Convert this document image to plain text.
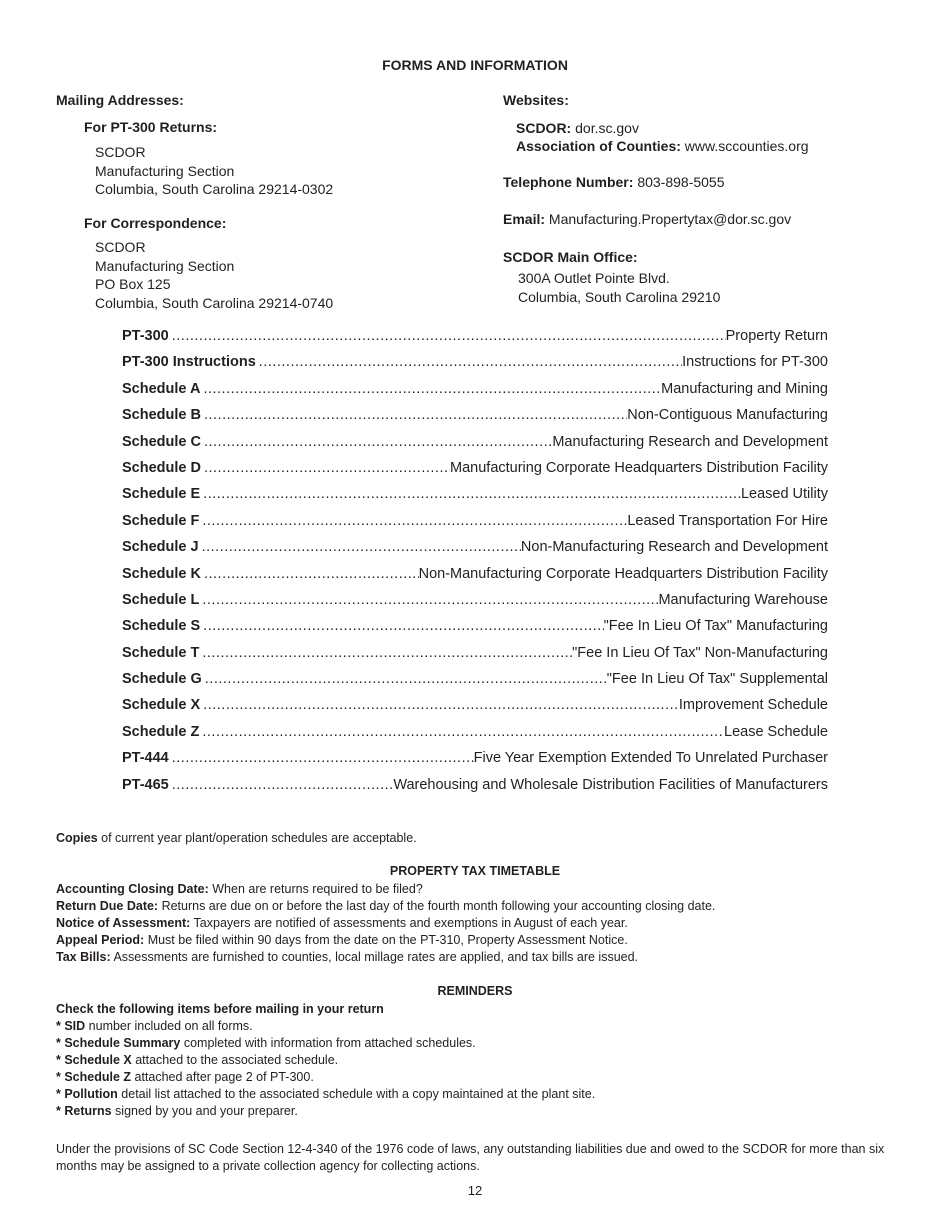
FORMS AND INFORMATION
Mailing Addresses:
For PT-300 Returns:
SCDOR
Manufacturing Section
Columbia, South Carolina 29214-0302
For Correspondence:
SCDOR
Manufacturing Section
PO Box 125
Columbia, South Carolina 29214-0740
Websites:
SCDOR: dor.sc.gov
Association of Counties: www.sccounties.org
Telephone Number: 803-898-5055
Email: Manufacturing.Propertytax@dor.sc.gov
SCDOR Main Office:
300A Outlet Pointe Blvd.
Columbia, South Carolina 29210
PT-300 .....	Property Return
PT-300 Instructions .....	Instructions for PT-300
Schedule A .....	Manufacturing and Mining
Schedule B .....	Non-Contiguous Manufacturing
Schedule C .....	Manufacturing Research and Development
Schedule D .....	Manufacturing Corporate Headquarters Distribution Facility
Schedule E .....	Leased Utility
Schedule F .....	Leased Transportation For Hire
Schedule J .....	Non-Manufacturing Research and Development
Schedule K .....	Non-Manufacturing Corporate Headquarters Distribution Facility
Schedule L .....	Manufacturing Warehouse
Schedule S .....	"Fee In Lieu Of Tax" Manufacturing
Schedule T .....	"Fee In Lieu Of Tax" Non-Manufacturing
Schedule G .....	"Fee In Lieu Of Tax" Supplemental
Schedule X .....	Improvement Schedule
Schedule Z .....	Lease Schedule
PT-444 .....	Five Year Exemption Extended To Unrelated Purchaser
PT-465 .....	Warehousing and Wholesale Distribution Facilities of Manufacturers
Copies of current year plant/operation schedules are acceptable.
PROPERTY TAX TIMETABLE
Accounting Closing Date: When are returns required to be filed?
Return Due Date: Returns are due on or before the last day of the fourth month following your accounting closing date.
Notice of Assessment: Taxpayers are notified of assessments and exemptions in August of each year.
Appeal Period: Must be filed within 90 days from the date on the PT-310, Property Assessment Notice.
Tax Bills: Assessments are furnished to counties, local millage rates are applied, and tax bills are issued.
REMINDERS
Check the following items before mailing in your return
* SID number included on all forms.
* Schedule Summary completed with information from attached schedules.
* Schedule X attached to the associated schedule.
* Schedule Z attached after page 2 of PT-300.
* Pollution detail list attached to the associated schedule with a copy maintained at the plant site.
* Returns signed by you and your preparer.
Under the provisions of SC Code Section 12-4-340 of the 1976 code of laws, any outstanding liabilities due and owed to the SCDOR for more than six months may be assigned to a private collection agency for collecting actions.
12
